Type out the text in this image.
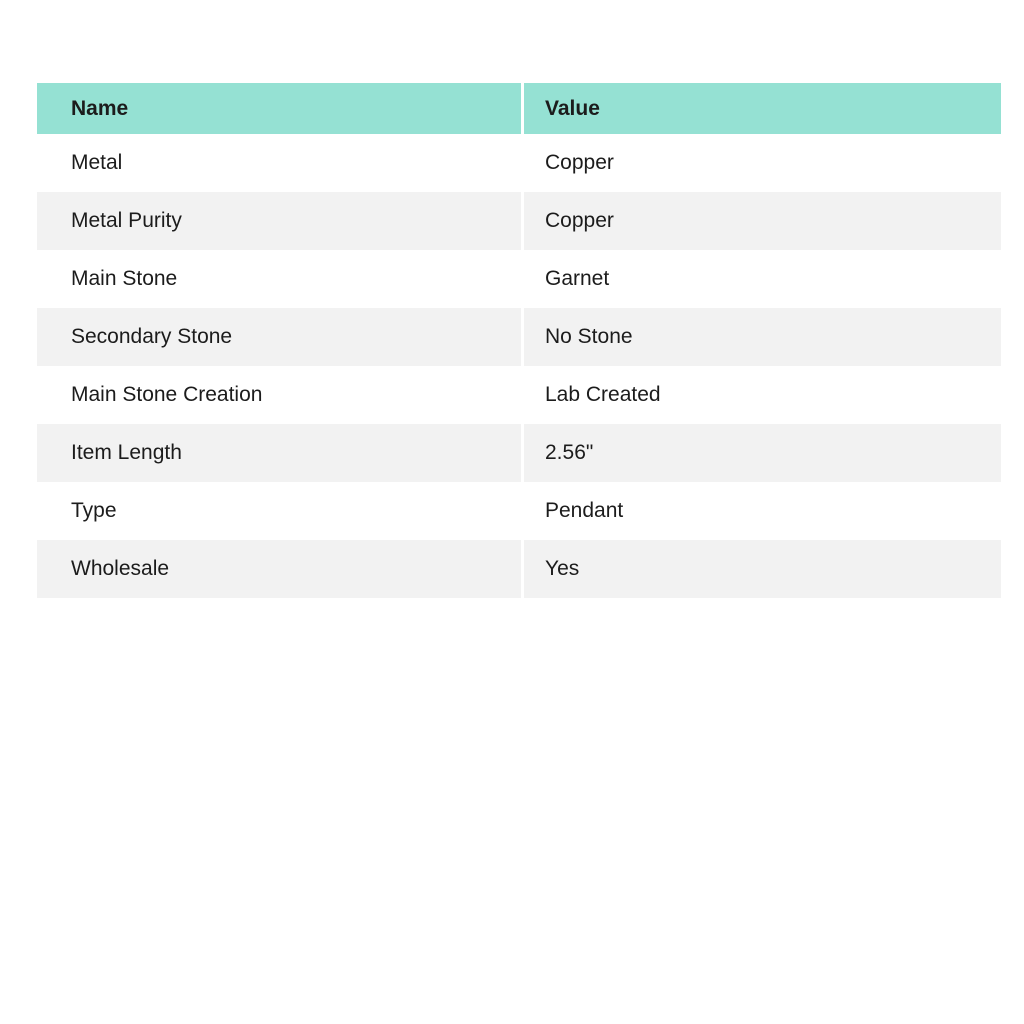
Name	Value
Metal	Copper
Metal Purity	Copper
Main Stone	Garnet
Secondary Stone	No Stone
Main Stone Creation	Lab Created
Item Length	2.56"
Type	Pendant
Wholesale	Yes
